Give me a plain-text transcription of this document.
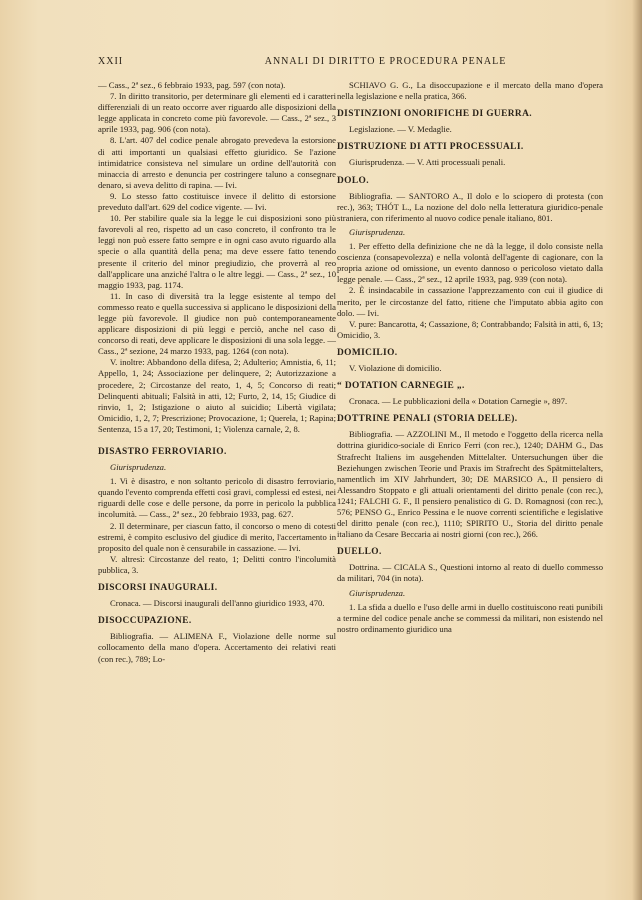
XXII	ANNALI DI DIRITTO E PROCEDURA PENALE

— Cass., 2ª sez., 6 febbraio 1933, pag. 597 (con nota).

7. In diritto transitorio, per determinare gli elementi ed i caratteri differenziali di un reato occorre aver riguardo alle disposizioni della legge applicata in concreto come più favorevole. — Cass., 2ª sez., 3 aprile 1933, pag. 906 (con nota).

8. L'art. 407 del codice penale abrogato prevedeva la estorsione di atti importanti un qualsiasi effetto giuridico. Se l'azione intimidatrice consisteva nel simulare un ordine dell'autorità con minaccia di arresto e denuncia per costringere taluno a consegnare denaro, si aveva delitto di rapina. — Ivi.

9. Lo stesso fatto costituisce invece il delitto di estorsione preveduto dall'art. 629 del codice vigente. — Ivi.

10. Per stabilire quale sia la legge le cui disposizioni sono più favorevoli al reo, rispetto ad un caso concreto, il confronto tra le leggi non può essere fatto sempre e in ogni caso avuto riguardo alla specie o alla quantità della pena; ma deve essere fatto tenendo presente il criterio del minor pregiudizio, che proverrà al reo dall'applicare una anziché l'altra o le altre leggi. — Cass., 2ª sez., 10 maggio 1933, pag. 1174.

11. In caso di diversità tra la legge esistente al tempo del commesso reato e quella successiva si applicano le disposizioni della legge più favorevole. Il giudice non può contemporaneamente applicare disposizioni di più leggi e perciò, anche nel caso di concorso di reati, deve applicare le disposizioni di una sola legge. — Cass., 2ª sezione, 24 marzo 1933, pag. 1264 (con nota).

V. inoltre: Abbandono della difesa, 2; Adulterio; Amnistia, 6, 11; Appello, 1, 24; Associazione per delinquere, 2; Autorizzazione a procedere, 2; Circostanze del reato, 1, 4, 5; Concorso di reati; Delinquenti abituali; Falsità in atti, 12; Furto, 2, 14, 15; Giudice di rinvio, 1, 2; Istigazione o aiuto al suicidio; Libertà vigilata; Omicidio, 1, 2, 7; Prescrizione; Provocazione, 1; Querela, 1; Rapina; Sentenza, 15 a 17, 20; Testimoni, 1; Violenza carnale, 2, 8.

DISASTRO FERROVIARIO.
Giurisprudenza.

1. Vi è disastro, e non soltanto pericolo di disastro ferroviario, quando l'evento comprenda effetti così gravi, complessi ed estesi, nei riguardi delle cose e delle persone, da porre in pericolo la pubblica incolumità. — Cass., 2ª sez., 20 febbraio 1933, pag. 627.

2. Il determinare, per ciascun fatto, il concorso o meno di cotesti estremi, è compito esclusivo del giudice di merito, l'accertamento in proposito del quale non è censurabile in cassazione. — Ivi.

V. altresì: Circostanze del reato, 1; Delitti contro l'incolumità pubblica, 3.

DISCORSI INAUGURALI.

Cronaca. — Discorsi inaugurali dell'anno giuridico 1933, 470.

DISOCCUPAZIONE.

Bibliografia. — ALIMENA F., Violazione delle norme sul collocamento della mano d'opera. Accertamento dei relativi reati (con rec.), 789; Lo-

SCHIAVO G. G., La disoccupazione e il mercato della mano d'opera nella legislazione e nella pratica, 366.

DISTINZIONI ONORIFICHE DI GUERRA.

Legislazione. — V. Medaglie.

DISTRUZIONE DI ATTI PROCESSUALI.

Giurisprudenza. — V. Atti processuali penali.

DOLO.

Bibliografia. — SANTORO A., Il dolo e lo sciopero di protesta (con rec.), 363; THÓT L., La nozione del dolo nella letteratura giuridico-penale straniera, con riferimento al nuovo codice penale italiano, 801.

Giurisprudenza.

1. Per effetto della definizione che ne dà la legge, il dolo consiste nella coscienza (consapevolezza) e nella volontà dell'agente di cagionare, con la propria azione od omissione, un evento dannoso o pericoloso vietato dalla legge penale. — Cass., 2ª sez., 12 aprile 1933, pag. 939 (con nota).

2. È insindacabile in cassazione l'apprezzamento con cui il giudice di merito, per le circostanze del fatto, ritiene che l'imputato abbia agito con dolo. — Ivi.

V. pure: Bancarotta, 4; Cassazione, 8; Contrabbando; Falsità in atti, 6, 13; Omicidio, 3.

DOMICILIO.

V. Violazione di domicilio.

“ DOTATION CARNEGIE „.

Cronaca. — Le pubblicazioni della « Dotation Carnegie », 897.

DOTTRINE PENALI (STORIA DELLE).

Bibliografia. — AZZOLINI M., Il metodo e l'oggetto della ricerca nella dottrina giuridico-sociale di Enrico Ferri (con rec.), 1240; DAHM G., Das Strafrecht Italiens im ausgehenden Mittelalter. Untersuchungen über die Beziehungen zwischen Teorie und Praxis im Strafrecht des Spätmittelalters, namentlich im XIV Jahrhundert, 30; DE MARSICO A., Il pensiero di Alessandro Stoppato e gli attuali orientamenti del diritto penale (con rec.), 1241; FALCHI G. F., Il pensiero penalistico di G. D. Romagnosi (con rec.), 576; PENSO G., Enrico Pessina e le nuove correnti scientifiche e legislative del diritto penale (con rec.), 1110; SPIRITO U., Storia del diritto penale italiano da Cesare Beccaria ai nostri giorni (con rec.), 266.

DUELLO.

Dottrina. — CICALA S., Questioni intorno al reato di duello commesso da militari, 704 (in nota).

Giurisprudenza.

1. La sfida a duello e l'uso delle armi in duello costituiscono reati punibili a termine del codice penale anche se commessi da militari, non esistendo nel nostro ordinamento giuridico una
